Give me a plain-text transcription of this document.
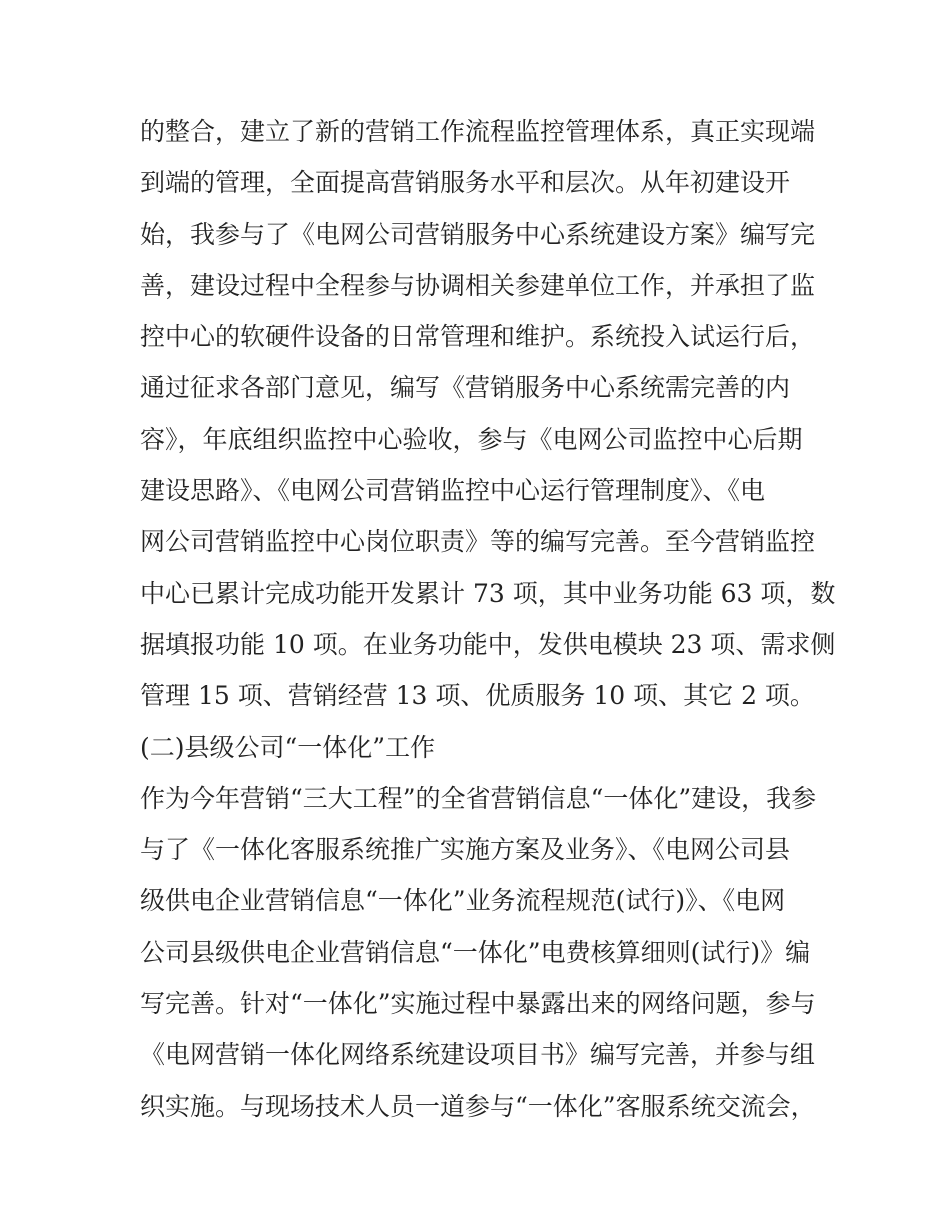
的整合，建立了新的营销工作流程监控管理体系，真正实现端
到端的管理，全面提高营销服务水平和层次。从年初建设开
始，我参与了《电网公司营销服务中心系统建设方案》编写完
善，建设过程中全程参与协调相关参建单位工作，并承担了监
控中心的软硬件设备的日常管理和维护。系统投入试运行后，
通过征求各部门意见，编写《营销服务中心系统需完善的内
容》，年底组织监控中心验收，参与《电网公司监控中心后期
建设思路》、《电网公司营销监控中心运行管理制度》、《电
网公司营销监控中心岗位职责》等的编写完善。至今营销监控
中心已累计完成功能开发累计 73 项，其中业务功能 63 项，数
据填报功能 10 项。在业务功能中，发供电模块 23 项、需求侧
管理 15 项、营销经营 13 项、优质服务 10 项、其它 2 项。
(二)县级公司“一体化”工作
作为今年营销“三大工程”的全省营销信息“一体化”建设，我参
与了《一体化客服系统推广实施方案及业务》、《电网公司县
级供电企业营销信息“一体化”业务流程规范(试行)》、《电网
公司县级供电企业营销信息“一体化”电费核算细则(试行)》编
写完善。针对“一体化”实施过程中暴露出来的网络问题，参与
《电网营销一体化网络系统建设项目书》编写完善，并参与组
织实施。与现场技术人员一道参与“一体化”客服系统交流会，
